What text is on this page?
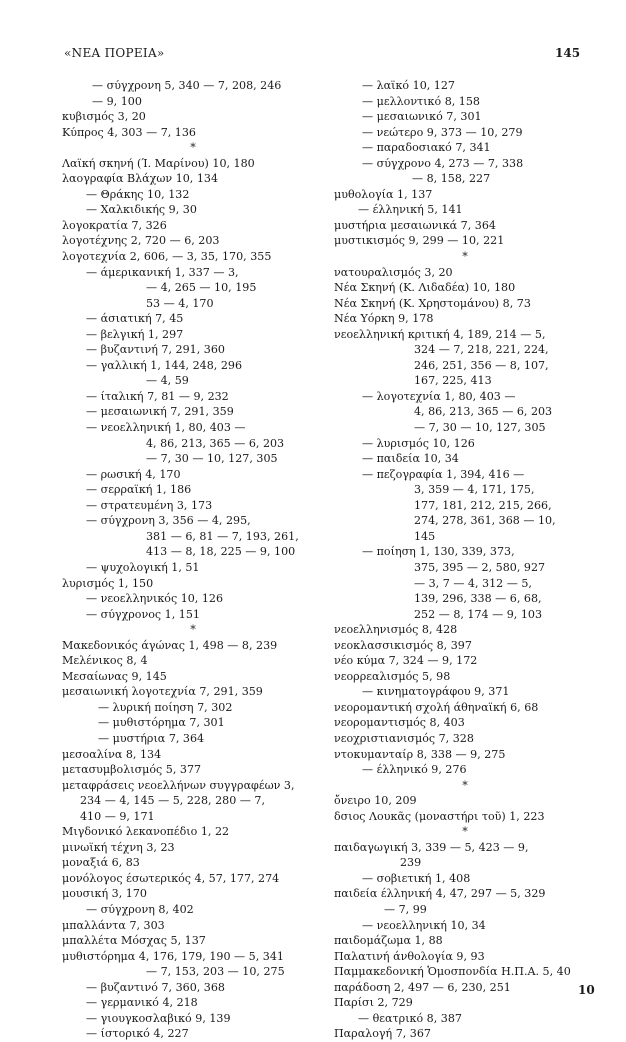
«ΝΕΑ ΠΟΡΕΙΑ»	145
— σύγχρονη 5, 340 — 7, 208, 246
— 9, 100
κυβισμός 3, 20
Κύπρος 4, 303 — 7, 136
*
Λαϊκή σκηνή (Ί. Μαρίνου) 10, 180
λαογραφία Βλάχων 10, 134
— Θράκης 10, 132
— Χαλκιδικής 9, 30
λογοκρατία 7, 326
λογοτέχνης 2, 720 — 6, 203
λογοτεχνία 2, 606, — 3, 35, 170, 355
— άμερικανική 1, 337 — 3,
— 4, 265 — 10, 195
53 — 4, 170
— άσιατική 7, 45
— βελγική 1, 297
— βυζαντινή 7, 291, 360
— γαλλική 1, 144, 248, 296
— 4, 59
— ίταλική 7, 81 — 9, 232
— μεσαιωνική 7, 291, 359
— νεοελληνική 1, 80, 403 —
4, 86, 213, 365 — 6, 203
— 7, 30 — 10, 127, 305
— ρωσική 4, 170
— σερραϊκή 1, 186
— στρατευμένη 3, 173
— σύγχρονη 3, 356 — 4, 295,
381 — 6, 81 — 7, 193, 261,
413 — 8, 18, 225 — 9, 100
— ψυχολογική 1, 51
λυρισμός 1, 150
— νεοελληνικός 10, 126
— σύγχρονος 1, 151
*
Μακεδονικός άγώνας 1, 498 — 8, 239
Μελένικος 8, 4
Μεσαίωνας 9, 145
μεσαιωνική λογοτεχνία 7, 291, 359
— λυρική ποίηση 7, 302
— μυθιστόρημα 7, 301
— μυστήρια 7, 364
μεσοαλίνα 8, 134
μετασυμβολισμός 5, 377
μεταφράσεις νεοελλήνων συγγραφέων 3,
234 — 4, 145 — 5, 228, 280 — 7,
410 — 9, 171
Μιγδονικό λεκανοπέδιο 1, 22
μινωϊκή τέχνη 3, 23
μοναξιά 6, 83
μονόλογος έσωτερικός 4, 57, 177, 274
μουσική 3, 170
— σύγχρονη 8, 402
μπαλλάντα 7, 303
μπαλλέτα Μόσχας 5, 137
μυθιστόρημα 4, 176, 179, 190 — 5, 341
— 7, 153, 203 — 10, 275
— βυζαντινό 7, 360, 368
— γερμανικό 4, 218
— γιουγκοσλαβικό 9, 139
— ίστορικό 4, 227
— λαϊκό 10, 127
— μελλοντικό 8, 158
— μεσαιωνικό 7, 301
— νεώτερο 9, 373 — 10, 279
— παραδοσιακό 7, 341
— σύγχρονο 4, 273 — 7, 338
— 8, 158, 227
μυθολογία 1, 137
— έλληνική 5, 141
μυστήρια μεσαιωνικά 7, 364
μυστικισμός 9, 299 — 10, 221
*
νατουραλισμός 3, 20
Νέα Σκηνή (Κ. Λιδαδέα) 10, 180
Νέα Σκηνή (Κ. Χρηστομάνου) 8, 73
Νέα Υόρκη 9, 178
νεοελληνική κριτική 4, 189, 214 — 5,
324 — 7, 218, 221, 224,
246, 251, 356 — 8, 107,
167, 225, 413
— λογοτεχνία 1, 80, 403 —
4, 86, 213, 365 — 6, 203
— 7, 30 — 10, 127, 305
— λυρισμός 10, 126
— παιδεία 10, 34
— πεζογραφία 1, 394, 416 —
3, 359 — 4, 171, 175,
177, 181, 212, 215, 266,
274, 278, 361, 368 — 10,
145
— ποίηση 1, 130, 339, 373,
375, 395 — 2, 580, 927
— 3, 7 — 4, 312 — 5,
139, 296, 338 — 6, 68,
252 — 8, 174 — 9, 103
νεοελληνισμός 8, 428
νεοκλασσικισμός 8, 397
νέο κύμα 7, 324 — 9, 172
νεορρεαλισμός 5, 98
— κινηματογράφου 9, 371
νεορομαντική σχολή άθηναϊκή 6, 68
νεορομαντισμός 8, 403
νεοχριστιανισμός 7, 328
ντοκυμανταίρ 8, 338 — 9, 275
— έλληνικό 9, 276
*
ὄνειρο 10, 209
δσιος Λουκᾶς (μοναστήρι τοῦ) 1, 223
*
παιδαγωγική 3, 339 — 5, 423 — 9,
239
— σοβιετική 1, 408
παιδεία έλληνική 4, 47, 297 — 5, 329
— 7, 99
— νεοελληνική 10, 34
παιδομάζωμα 1, 88
Παλατινή άνθολογία 9, 93
Παμμακεδονική Ὁμοσπονδία Η.Π.Α. 5, 40
παράδοση 2, 497 — 6, 230, 251
Παρίσι 2, 729
— θεατρικό 8, 387
Παραλογή 7, 367
10
